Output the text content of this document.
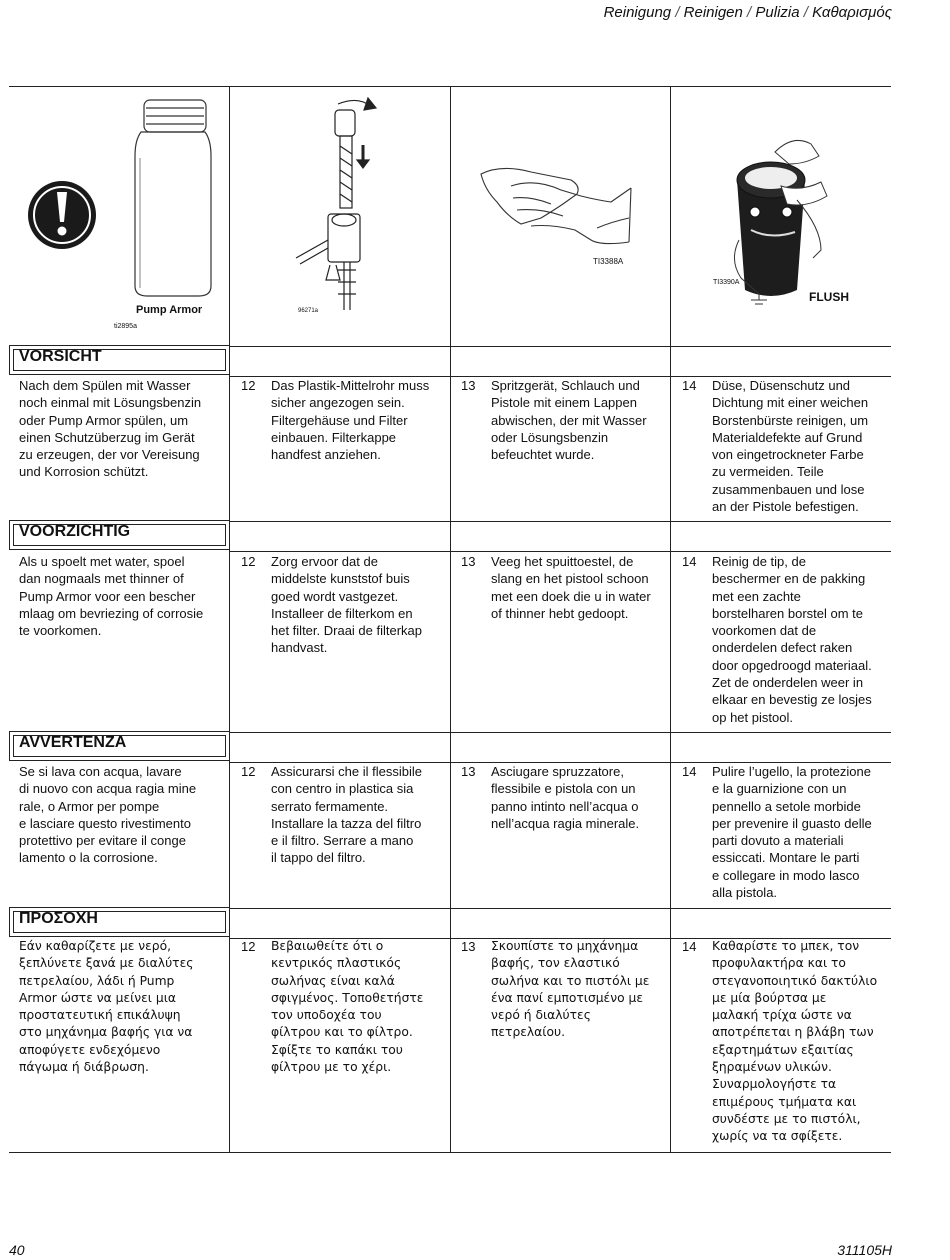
Reinigung / Reinigen / Pulizia / Καθαρισμός
Pump Armor
ti2895a
96271a
TI3388A
TI3390A
FLUSH
VORSICHT
Nach dem Spülen mit Wasser
noch einmal mit Lösungsbenzin
oder Pump Armor spülen, um
einen Schutzüberzug im Gerät
zu erzeugen, der vor Vereisung
und Korrosion schützt.
12 Das Plastik-Mittelrohr muss
sicher angezogen sein.
Filtergehäuse und Filter
einbauen. Filterkappe
handfest anziehen.
13 Spritzgerät, Schlauch und
Pistole mit einem Lappen
abwischen, der mit Wasser
oder Lösungsbenzin
befeuchtet wurde.
14 Düse, Düsenschutz und
Dichtung mit einer weichen
Borstenbürste reinigen, um
Materialdefekte auf Grund
von eingetrockneter Farbe
zu vermeiden. Teile
zusammenbauen und lose
an der Pistole befestigen.
VOORZICHTIG
Als u spoelt met water, spoel
dan nogmaals met thinner of
Pump Armor voor een bescher
mlaag om bevriezing of corrosie
te voorkomen.
12 Zorg ervoor dat de
middelste kunststof buis
goed wordt vastgezet.
Installeer de filterkom en
het filter. Draai de filterkap
handvast.
13 Veeg het spuittoestel, de
slang en het pistool schoon
met een doek die u in water
of thinner hebt gedoopt.
14 Reinig de tip, de
beschermer en de pakking
met een zachte
borstelharen borstel om te
voorkomen dat de
onderdelen defect raken
door opgedroogd materiaal.
Zet de onderdelen weer in
elkaar en bevestig ze losjes
op het pistool.
AVVERTENZA
Se si lava con acqua, lavare
di nuovo con acqua ragia mine
rale, o Armor per pompe
e lasciare questo rivestimento
protettivo per evitare il conge
lamento o la corrosione.
12 Assicurarsi che il flessibile
con centro in plastica sia
serrato fermamente.
Installare la tazza del filtro
e il filtro. Serrare a mano
il tappo del filtro.
13 Asciugare spruzzatore,
flessibile e pistola con un
panno intinto nell’acqua o
nell’acqua ragia minerale.
14 Pulire l’ugello, la protezione
e la guarnizione con un
pennello a setole morbide
per prevenire il guasto delle
parti dovuto a materiali
essiccati. Montare le parti
e collegare in modo lasco
alla pistola.
ΠΡΟΣΟΧΗ
Εάν καθαρίζετε με νερό,
ξεπλύνετε ξανά με διαλύτες
πετρελαίου, λάδι ή Pump
Armor ώστε να μείνει μια
προστατευτική επικάλυψη
στο μηχάνημα βαφής για να
αποφύγετε ενδεχόμενο
πάγωμα ή διάβρωση.
12 Βεβαιωθείτε ότι ο
κεντρικός πλαστικός
σωλήνας είναι καλά
σφιγμένος. Τοποθετήστε
τον υποδοχέα του
φίλτρου και το φίλτρο.
Σφίξτε το καπάκι του
φίλτρου με το χέρι.
13 Σκουπίστε το μηχάνημα
βαφής, τον ελαστικό
σωλήνα και το πιστόλι με
ένα πανί εμποτισμένο με
νερό ή διαλύτες
πετρελαίου.
14 Καθαρίστε το μπεκ, τον
προφυλακτήρα και το
στεγανοποιητικό δακτύλιο
με μία βούρτσα με
μαλακή τρίχα ώστε να
αποτρέπεται η βλάβη των
εξαρτημάτων εξαιτίας
ξηραμένων υλικών.
Συναρμολογήστε τα
επιμέρους τμήματα και
συνδέστε με το πιστόλι,
χωρίς να τα σφίξετε.
40	311105H
